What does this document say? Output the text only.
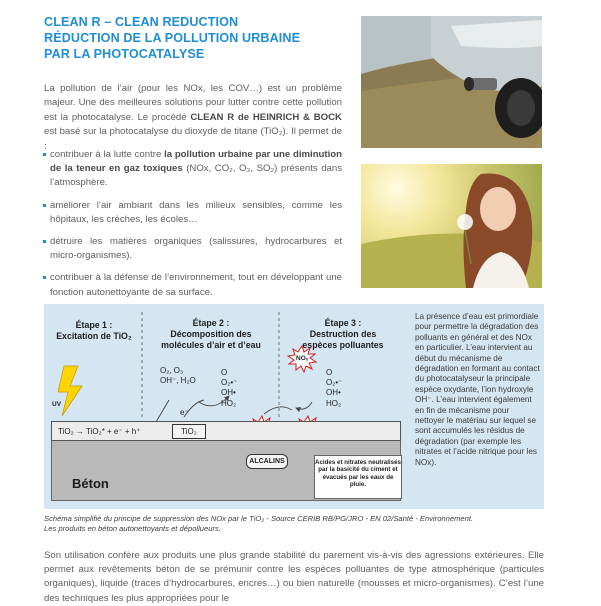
CLEAN R – CLEAN REDUCTION
RÉDUCTION DE LA POLLUTION URBAINE
PAR LA PHOTOCATALYSE
La pollution de l’air (pour les NOx, les COV…) est un problème majeur. Une des meilleures solutions pour lutter contre cette pollution est la photocatalyse. Le procédé CLEAN R de HEINRICH & BOCK est basé sur la photocatalyse du dioxyde de titane (TiO₂). Il permet de :
contribuer à la lutte contre la pollution urbaine par une diminution de la teneur en gaz toxiques (NOx, CO₂, O₃, SO₂) présents dans l’atmosphère.
améliorer l’air ambiant dans les milieux sensibles, comme les hôpitaux, les crèches, les écoles…
détruire les matières organiques (salissures, hydrocarbures et micro-organismes).
contribuer à la défense de l’environnement, tout en développant une fonction autonettoyante de sa surface.
Étape 1 :
Excitation de TiO₂
Étape 2 :
Décomposition des
molécules d’air et d’eau
Étape 3 :
Destruction des
espèces polluantes
UV
O₂, O₃
OH⁻, H₂O
e⁻
O
O₂•⁻
OH•
HO₂
O
O₂•⁻
OH•
HO₂
NOₓ
TiO₂ → TiO₂* + e⁻ + h⁺	TiO₂
ALCALINS	Acides et nitrates neutralisés par la basicité du ciment et évacués par les eaux de pluie.
Béton
La présence d’eau est primordiale pour permettre la dégradation des polluants en général et des NOx en particulier. L’eau intervient au début du mécanisme de dégradation en formant au contact du photocatalyseur la principale espèce oxydante, l’ion hydroxyle OH⁻. L’eau intervient également en fin de mécanisme pour nettoyer le matériau sur lequel se sont accumulés les résidus de dégradation (par exemple les nitrates et l’acide nitrique pour les NOx).
Schéma simplifié du principe de suppression des NOx par le TiO₂ - Source CERIB RB/PG/JRO - EN 02/Santé - Environnement.
Les produits en béton autonettoyants et dépollueurs.
Son utilisation confère aux produits une plus grande stabilité du parement vis-à-vis des agressions extérieures. Elle permet aux revêtements béton de se prémunir contre les espèces polluantes de type atmosphérique (particules organiques), liquide (traces d’hydrocarbures, encres…) ou bien naturelle (mousses et micro-organismes). C’est l’une des techniques les plus appropriées pour le
